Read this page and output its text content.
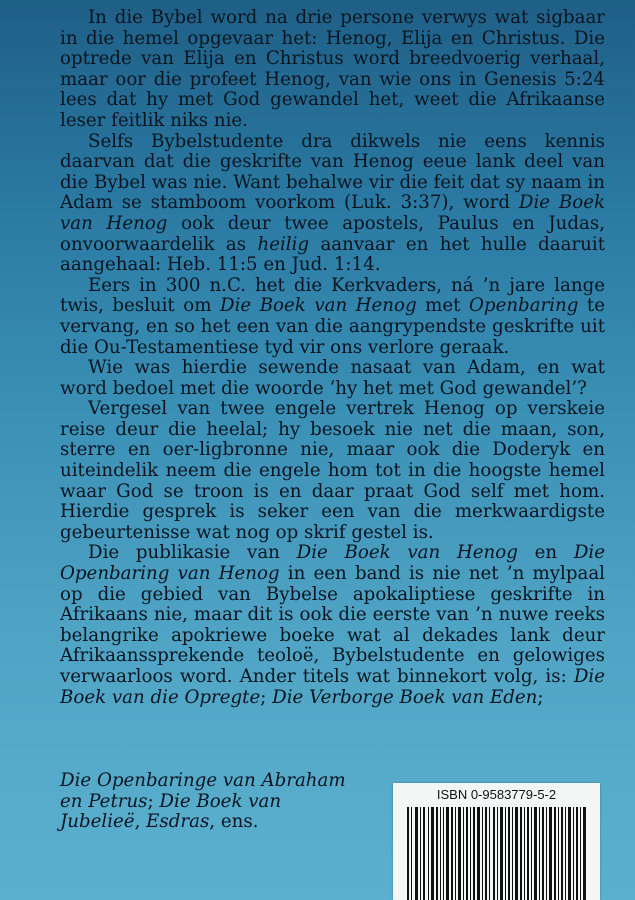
In die Bybel word na drie persone verwys wat sigbaar in die hemel opgevaar het: Henog, Elija en Christus. Die optrede van Elija en Christus word breedvoerig verhaal, maar oor die profeet Henog, van wie ons in Genesis 5:24 lees dat hy met God gewandel het, weet die Afrikaanse leser feitlik niks nie.

Selfs Bybelstudente dra dikwels nie eens kennis daarvan dat die geskrifte van Henog eeue lank deel van die Bybel was nie. Want behalwe vir die feit dat sy naam in Adam se stamboom voorkom (Luk. 3:37), word Die Boek van Henog ook deur twee apostels, Paulus en Judas, onvoorwaardelik as heilig aanvaar en het hulle daaruit aangehaal: Heb. 11:5 en Jud. 1:14.

Eers in 300 n.C. het die Kerkvaders, ná ’n jare lange twis, besluit om Die Boek van Henog met Openbaring te vervang, en so het een van die aangrypendste geskrifte uit die Ou-Testamentiese tyd vir ons verlore geraak.

Wie was hierdie sewende nasaat van Adam, en wat word bedoel met die woorde ‘hy het met God gewandel’?

Vergesel van twee engele vertrek Henog op verskeie reise deur die heelal; hy besoek nie net die maan, son, sterre en oer-ligbronne nie, maar ook die Doderyk en uiteindelik neem die engele hom tot in die hoogste hemel waar God se troon is en daar praat God self met hom. Hierdie gesprek is seker een van die merkwaardigste gebeurtenisse wat nog op skrif gestel is.

Die publikasie van Die Boek van Henog en Die Openbaring van Henog in een band is nie net ’n mylpaal op die gebied van Bybelse apokaliptiese geskrifte in Afrikaans nie, maar dit is ook die eerste van ’n nuwe reeks belangrike apokriewe boeke wat al dekades lank deur Afrikaanssprekende teoloë, Bybelstudente en gelowiges verwaarloos word. Ander titels wat binnekort volg, is: Die Boek van die Opregte; Die Verborge Boek van Eden;

Die Openbaringe van Abraham en Petrus; Die Boek van Jubelieë, Esdras, ens.
ISBN 0-9583779-5-2
